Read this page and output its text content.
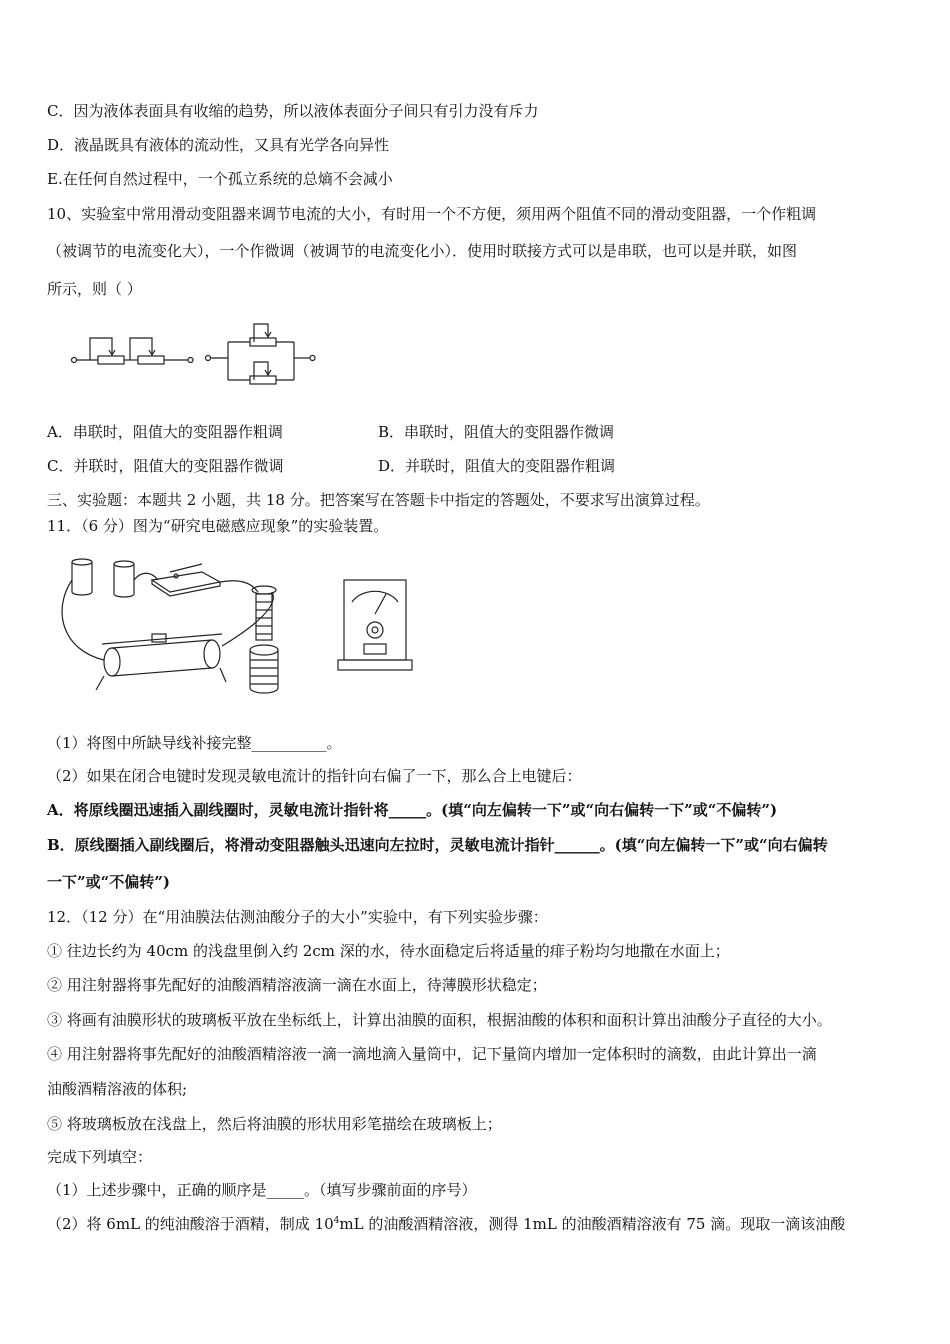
C．因为液体表面具有收缩的趋势，所以液体表面分子间只有引力没有斥力
D．液晶既具有液体的流动性，又具有光学各向异性
E.在任何自然过程中，一个孤立系统的总熵不会减小
10、实验室中常用滑动变阻器来调节电流的大小，有时用一个不方便，须用两个阻值不同的滑动变阻器，一个作粗调
（被调节的电流变化大），一个作微调（被调节的电流变化小）．使用时联接方式可以是串联，也可以是并联，如图
所示，则（ ）
A．串联时，阻值大的变阻器作粗调	B．串联时，阻值大的变阻器作微调
C．并联时，阻值大的变阻器作微调	D．并联时，阻值大的变阻器作粗调
三、实验题：本题共 2 小题，共 18 分。把答案写在答题卡中指定的答题处，不要求写出演算过程。
11．（6 分）图为“研究电磁感应现象”的实验装置。
（1）将图中所缺导线补接完整__________。
（2）如果在闭合电键时发现灵敏电流计的指针向右偏了一下，那么合上电键后：
A．将原线圈迅速插入副线圈时，灵敏电流计指针将_____。(填“向左偏转一下”或“向右偏转一下”或“不偏转”)
B．原线圈插入副线圈后，将滑动变阻器触头迅速向左拉时，灵敏电流计指针______。(填“向左偏转一下”或“向右偏转
一下”或“不偏转”)
12．（12 分）在“用油膜法估测油酸分子的大小”实验中，有下列实验步骤：
① 往边长约为 40cm 的浅盘里倒入约 2cm 深的水，待水面稳定后将适量的痱子粉均匀地撒在水面上；
② 用注射器将事先配好的油酸酒精溶液滴一滴在水面上，待薄膜形状稳定；
③ 将画有油膜形状的玻璃板平放在坐标纸上，计算出油膜的面积，根据油酸的体积和面积计算出油酸分子直径的大小。
④ 用注射器将事先配好的油酸酒精溶液一滴一滴地滴入量筒中，记下量筒内增加一定体积时的滴数，由此计算出一滴
油酸酒精溶液的体积;
⑤ 将玻璃板放在浅盘上，然后将油膜的形状用彩笔描绘在玻璃板上；
完成下列填空：
（1）上述步骤中，正确的顺序是_____。（填写步骤前面的序号）
（2）将 6mL 的纯油酸溶于酒精，制成 $10^4mL$ 的油酸酒精溶液，测得 1mL 的油酸酒精溶液有 75 滴。现取一滴该油酸
